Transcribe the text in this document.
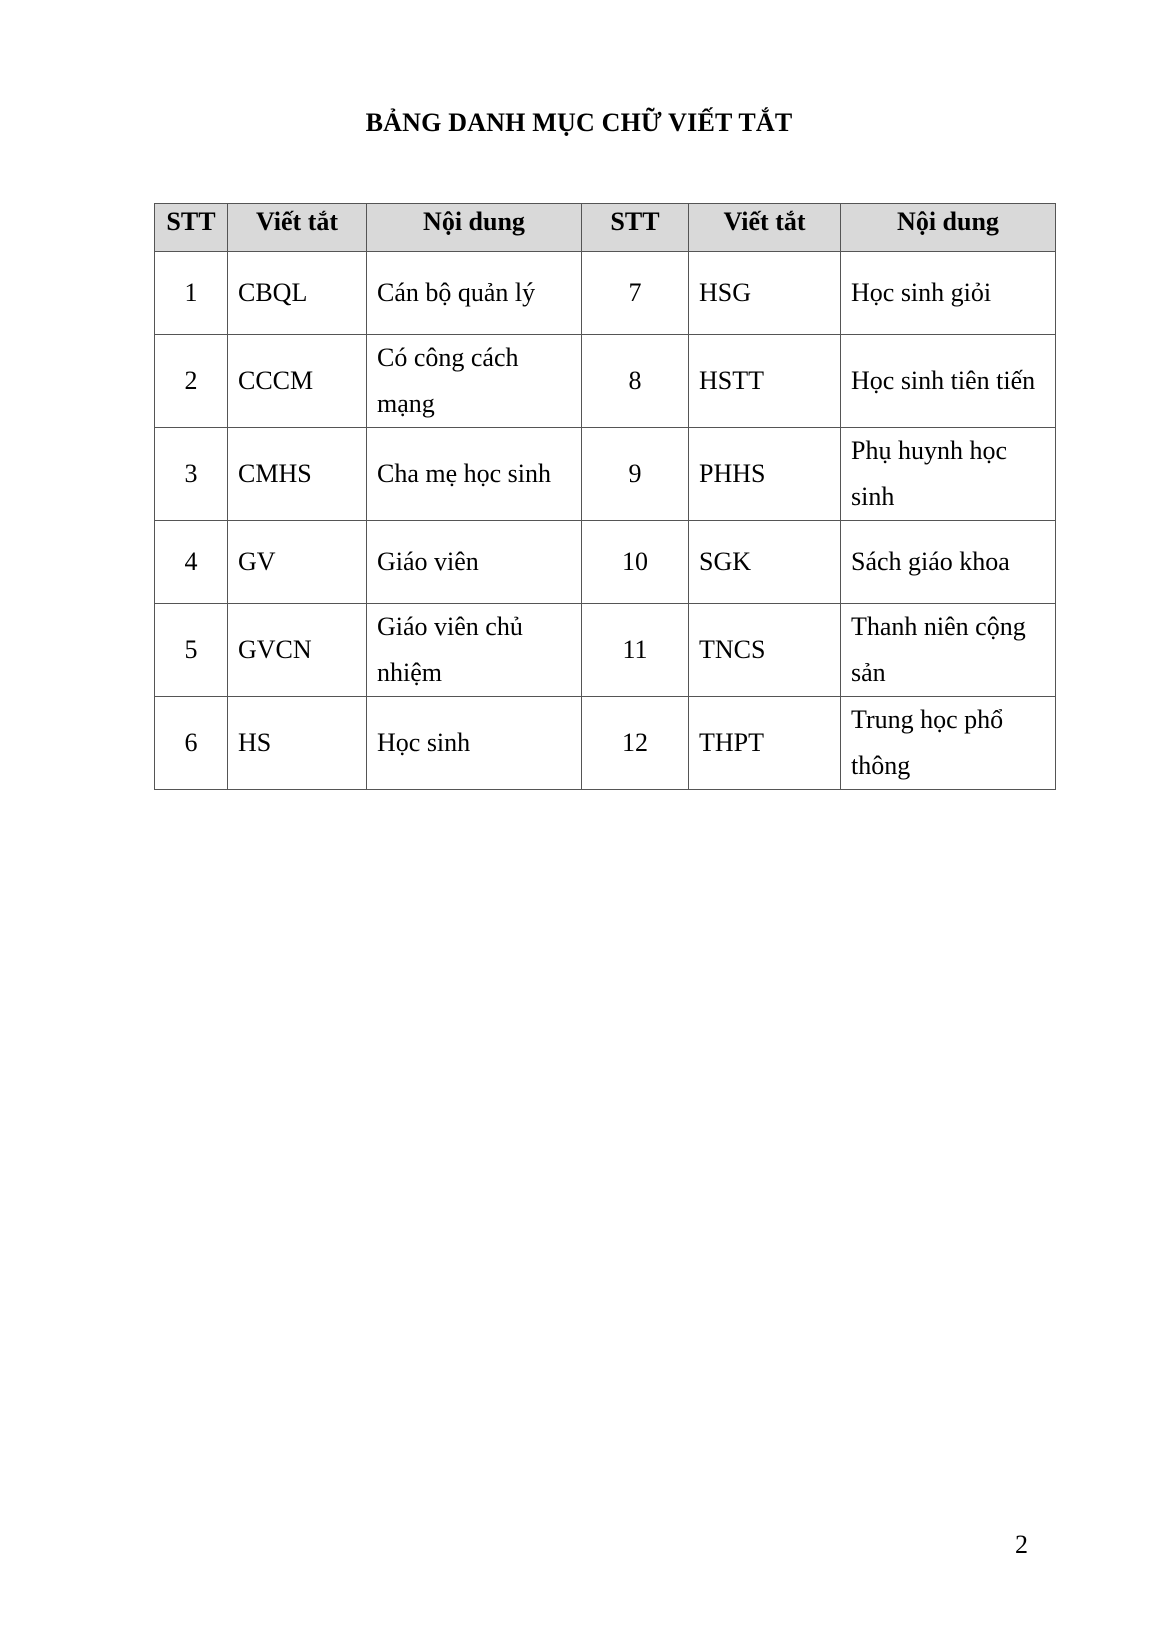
BẢNG DANH MỤC CHỮ VIẾT TẮT
STT	Viết tắt	Nội dung	STT	Viết tắt	Nội dung
1	CBQL	Cán bộ quản lý	7	HSG	Học sinh giỏi
2	CCCM	Có công cách mạng	8	HSTT	Học sinh tiên tiến
3	CMHS	Cha mẹ học sinh	9	PHHS	Phụ huynh học sinh
4	GV	Giáo viên	10	SGK	Sách giáo khoa
5	GVCN	Giáo viên chủ nhiệm	11	TNCS	Thanh niên cộng sản
6	HS	Học sinh	12	THPT	Trung học phổ thông
2
